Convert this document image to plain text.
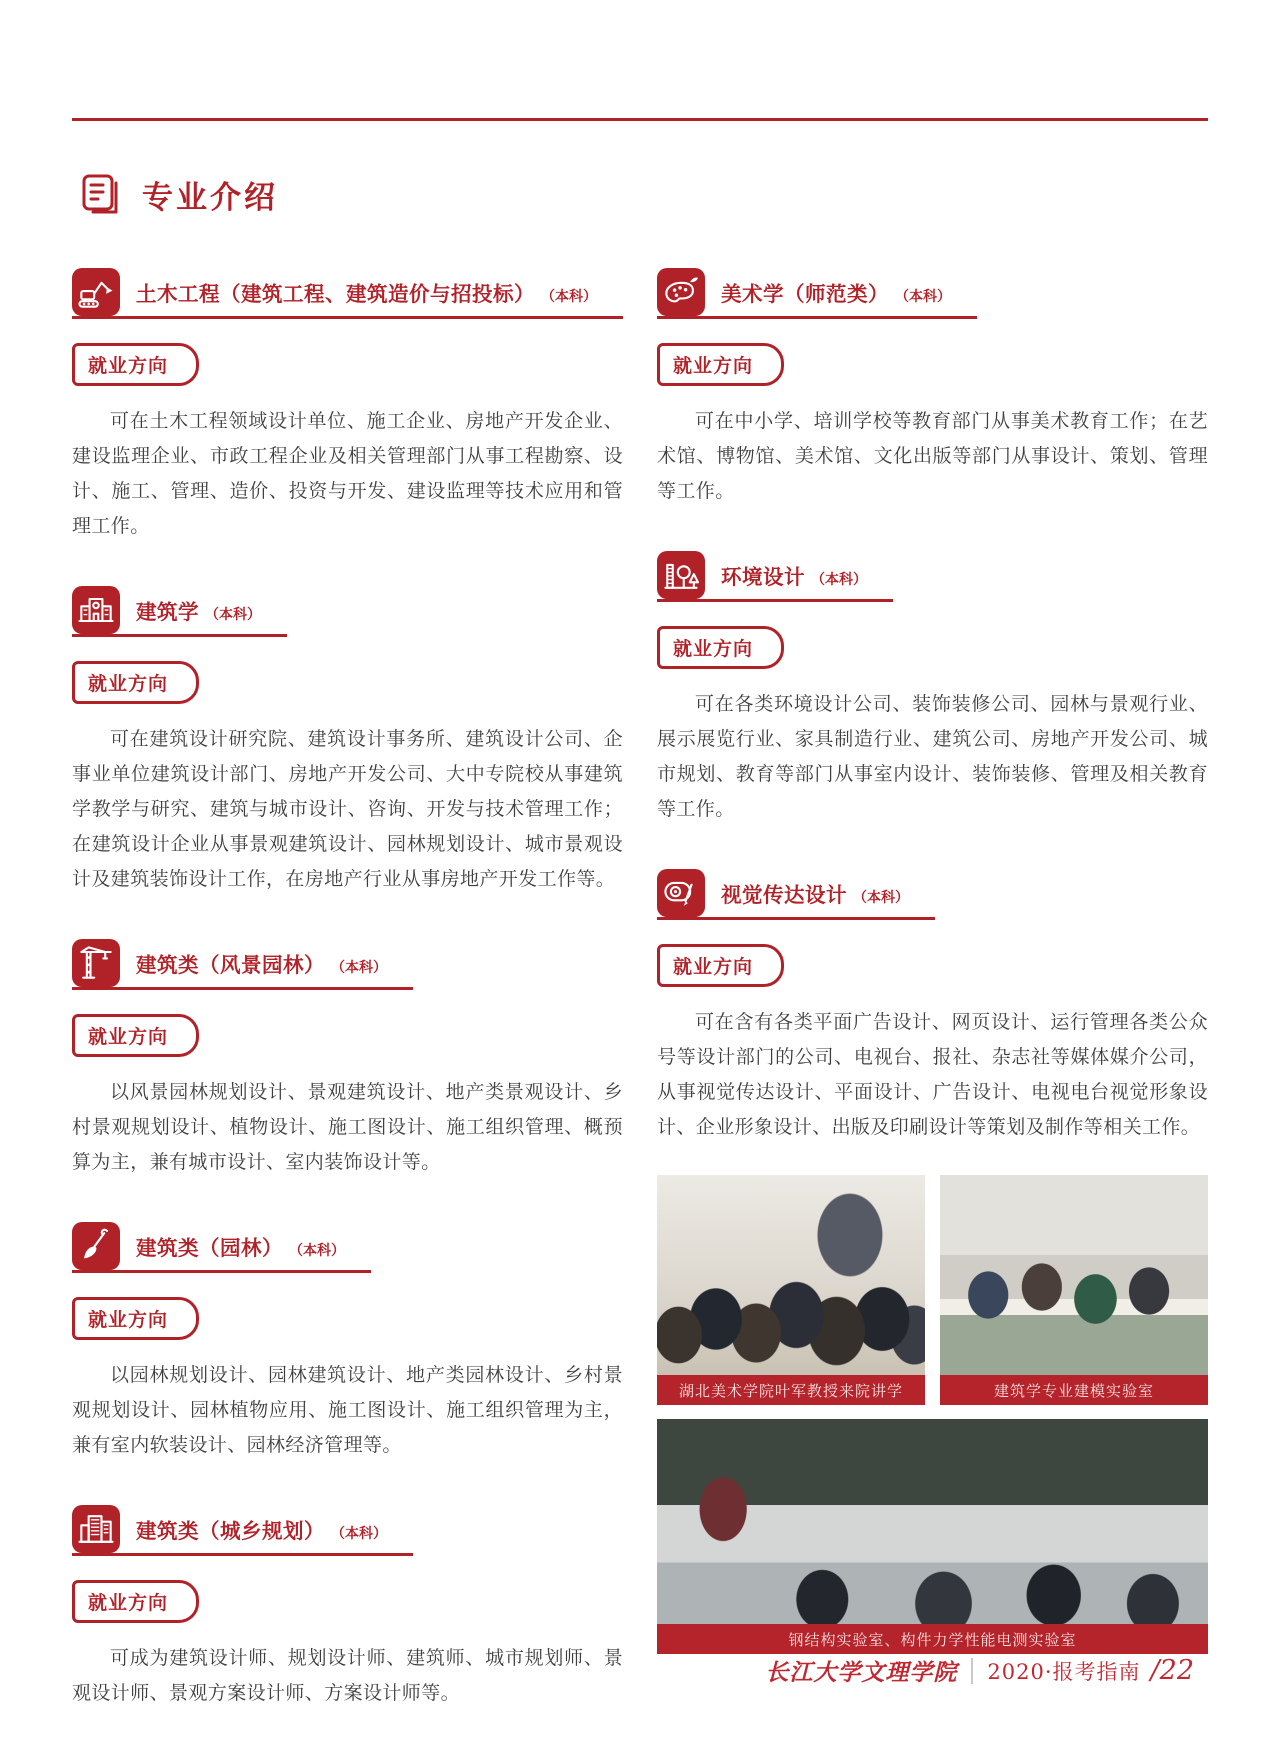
专业介绍
土木工程（建筑工程、建筑造价与招投标） （本科）
就业方向

可在土木工程领域设计单位、施工企业、房地产开发企业、建设监理企业、市政工程企业及相关管理部门从事工程勘察、设计、施工、管理、造价、投资与开发、建设监理等技术应用和管理工作。

建筑学 （本科）
就业方向

可在建筑设计研究院、建筑设计事务所、建筑设计公司、企事业单位建筑设计部门、房地产开发公司、大中专院校从事建筑学教学与研究、建筑与城市设计、咨询、开发与技术管理工作；在建筑设计企业从事景观建筑设计、园林规划设计、城市景观设计及建筑装饰设计工作，在房地产行业从事房地产开发工作等。

建筑类（风景园林） （本科）
就业方向

以风景园林规划设计、景观建筑设计、地产类景观设计、乡村景观规划设计、植物设计、施工图设计、施工组织管理、概预算为主，兼有城市设计、室内装饰设计等。

建筑类（园林） （本科）
就业方向

以园林规划设计、园林建筑设计、地产类园林设计、乡村景观规划设计、园林植物应用、施工图设计、施工组织管理为主，兼有室内软装设计、园林经济管理等。

建筑类（城乡规划） （本科）
就业方向

可成为建筑设计师、规划设计师、建筑师、城市规划师、景观设计师、景观方案设计师、方案设计师等。

美术学（师范类） （本科）
就业方向

可在中小学、培训学校等教育部门从事美术教育工作；在艺术馆、博物馆、美术馆、文化出版等部门从事设计、策划、管理等工作。

环境设计 （本科）
就业方向

可在各类环境设计公司、装饰装修公司、园林与景观行业、展示展览行业、家具制造行业、建筑公司、房地产开发公司、城市规划、教育等部门从事室内设计、装饰装修、管理及相关教育等工作。

视觉传达设计 （本科）
就业方向

可在含有各类平面广告设计、网页设计、运行管理各类公众号等设计部门的公司、电视台、报社、杂志社等媒体媒介公司，从事视觉传达设计、平面设计、广告设计、电视电台视觉形象设计、企业形象设计、出版及印刷设计等策划及制作等相关工作。

湖北美术学院叶军教授来院讲学	建筑学专业建模实验室
钢结构实验室、构件力学性能电测实验室
长江大学文理学院 2020·报考指南 /22
